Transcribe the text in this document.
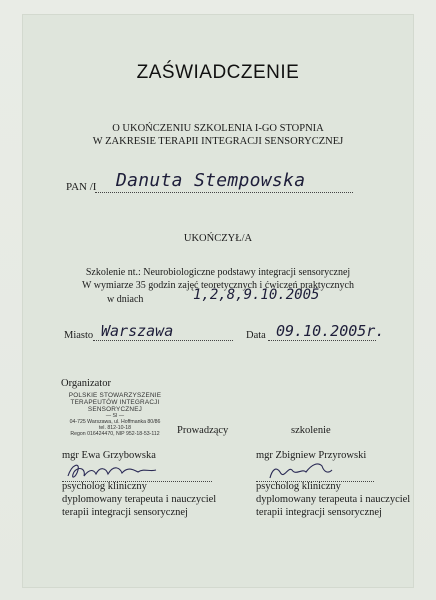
ZAŚWIADCZENIE
O UKOŃCZENIU SZKOLENIA I-GO STOPNIA
W ZAKRESIE TERAPII INTEGRACJI SENSORYCZNEJ
PAN /I Danuta Stempowska
UKOŃCZYŁ/A
Szkolenie nt.: Neurobiologiczne podstawy integracji sensorycznej
W wymiarze 35 godzin zajęć teoretycznych i ćwiczeń praktycznych
w dniach	1,2,8,9.10.2005
Miasto Warszawa	Data 09.10.2005r.
Organizator
POLSKIE STOWARZYSZENIE
TERAPEUTÓW INTEGRACJI SENSORYCZNEJ
— SI —
04-725 Warszawa, ul. Hoffmanka 80/86
tel. 812-10-18
Regon 016424470, NIP 952-18-53-112	Prowadzący	szkolenie
mgr Ewa Grzybowska	mgr Zbigniew Przyrowski
psycholog kliniczny
dyplomowany terapeuta i nauczyciel
terapii integracji sensorycznej
psycholog kliniczny
dyplomowany terapeuta i nauczyciel
terapii integracji sensorycznej
